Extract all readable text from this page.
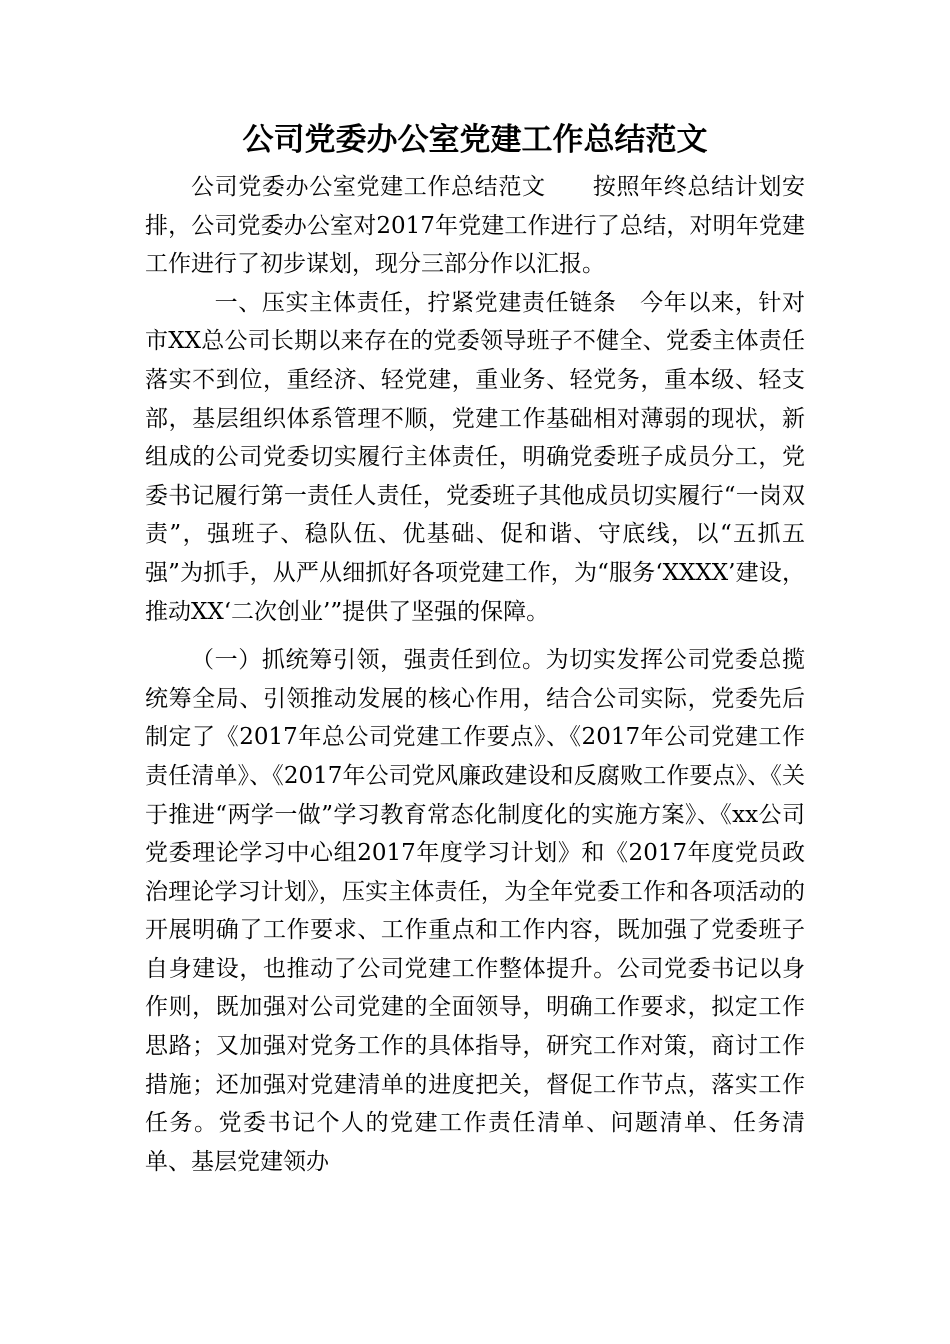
公司党委办公室党建工作总结范文

公司党委办公室党建工作总结范文　　按照年终总结计划安排，公司党委办公室对2017年党建工作进行了总结，对明年党建工作进行了初步谋划，现分三部分作以汇报。

　一、压实主体责任，拧紧党建责任链条　今年以来，针对市XX总公司长期以来存在的党委领导班子不健全、党委主体责任落实不到位，重经济、轻党建，重业务、轻党务，重本级、轻支部，基层组织体系管理不顺，党建工作基础相对薄弱的现状，新组成的公司党委切实履行主体责任，明确党委班子成员分工，党委书记履行第一责任人责任，党委班子其他成员切实履行“一岗双责”，强班子、稳队伍、优基础、促和谐、守底线，以“五抓五强”为抓手，从严从细抓好各项党建工作，为“服务‘XXXX’建设，推动XX‘二次创业’”提供了坚强的保障。

（一）抓统筹引领，强责任到位。为切实发挥公司党委总揽统筹全局、引领推动发展的核心作用，结合公司实际，党委先后制定了《2017年总公司党建工作要点》、《2017年公司党建工作责任清单》、《2017年公司党风廉政建设和反腐败工作要点》、《关于推进“两学一做”学习教育常态化制度化的实施方案》、《xx公司党委理论学习中心组2017年度学习计划》和《2017年度党员政治理论学习计划》，压实主体责任，为全年党委工作和各项活动的开展明确了工作要求、工作重点和工作内容，既加强了党委班子自身建设，也推动了公司党建工作整体提升。公司党委书记以身作则，既加强对公司党建的全面领导，明确工作要求，拟定工作思路；又加强对党务工作的具体指导，研究工作对策，商讨工作措施；还加强对党建清单的进度把关，督促工作节点，落实工作任务。党委书记个人的党建工作责任清单、问题清单、任务清单、基层党建领办
